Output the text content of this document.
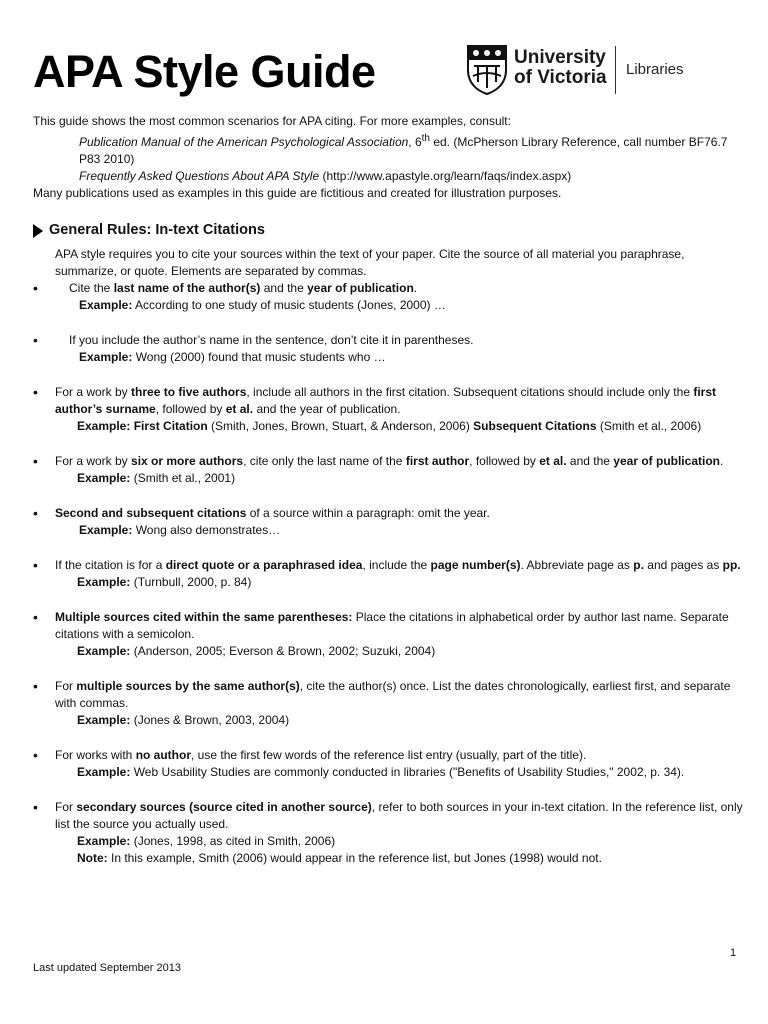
APA Style Guide	University
of Victoria Libraries

This guide shows the most common scenarios for APA citing. For more examples, consult:

Publication Manual of the American Psychological Association, 6th ed. (McPherson Library Reference, call number BF76.7 P83 2010)

Frequently Asked Questions About APA Style (http://www.apastyle.org/learn/faqs/index.aspx)

Many publications used as examples in this guide are fictitious and created for illustration purposes.

General Rules: In-text Citations

APA style requires you to cite your sources within the text of your paper. Cite the source of all material you paraphrase, summarize, or quote. Elements are separated by commas.

•	Cite the last name of the author(s) and the year of publication.
Example: According to one study of music students (Jones, 2000) …
•	If you include the author’s name in the sentence, don’t cite it in parentheses.
Example: Wong (2000) found that music students who …
• For a work by three to five authors, include all authors in the first citation. Subsequent citations should include only the first author’s surname, followed by et al. and the year of publication.
Example: First Citation (Smith, Jones, Brown, Stuart, & Anderson, 2006) Subsequent Citations (Smith et al., 2006)
• For a work by six or more authors, cite only the last name of the first author, followed by et al. and the year of publication.
Example: (Smith et al., 2001)
• Second and subsequent citations of a source within a paragraph: omit the year.
Example: Wong also demonstrates…
• If the citation is for a direct quote or a paraphrased idea, include the page number(s). Abbreviate page as p. and pages as pp.
Example: (Turnbull, 2000, p. 84)
• Multiple sources cited within the same parentheses: Place the citations in alphabetical order by author last name. Separate citations with a semicolon.
Example: (Anderson, 2005; Everson & Brown, 2002; Suzuki, 2004)
• For multiple sources by the same author(s), cite the author(s) once. List the dates chronologically, earliest first, and separate with commas.
Example: (Jones & Brown, 2003, 2004)
• For works with no author, use the first few words of the reference list entry (usually, part of the title).
Example: Web Usability Studies are commonly conducted in libraries ("Benefits of Usability Studies," 2002, p. 34).
• For secondary sources (source cited in another source), refer to both sources in your in-text citation. In the reference list, only list the source you actually used.
Example: (Jones, 1998, as cited in Smith, 2006)
Note: In this example, Smith (2006) would appear in the reference list, but Jones (1998) would not.
1
Last updated September 2013
